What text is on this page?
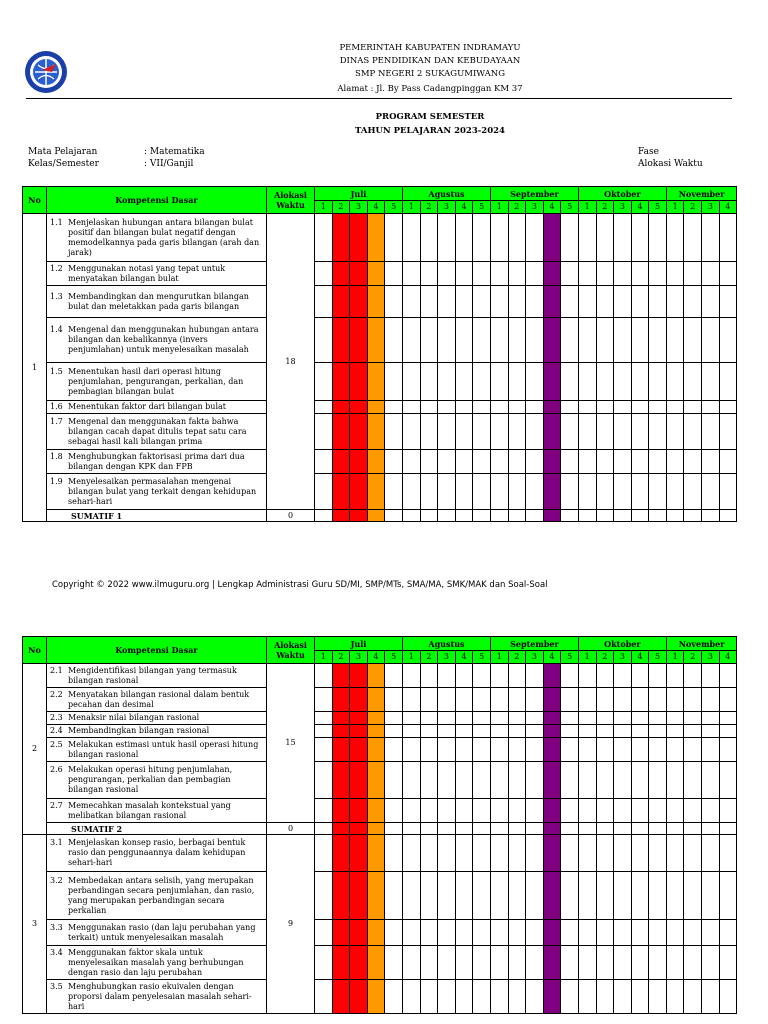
PEMERINTAH KABUPATEN INDRAMAYU
DINAS PENDIDIKAN DAN KEBUDAYAAN
SMP NEGERI 2 SUKAGUMIWANG
Alamat : Jl. By Pass Cadangpinggan KM 37
PROGRAM SEMESTER
TAHUN PELAJARAN 2023-2024
Mata Pelajaran	: Matematika
Kelas/Semester	: VII/Ganjil
Fase
Alokasi Waktu
No	Kompetensi Dasar	Alokasi Waktu	Juli					Agustus					September					Oktober					November			
			1	2	3	4	5	1	2	3	4	5	1	2	3	4	5	1	2	3	4	5	1	2	3	4
1	1.1 Menjelaskan hubungan antara bilangan bulat positif dan bilangan bulat negatif dengan memodelkannya pada garis bilangan (arah dan jarak)	18																								

	1.2 Menggunakan notasi yang tepat untuk menyatakan bilangan bulat																									

	1.3 Membandingkan dan mengurutkan bilangan bulat dan meletakkan pada garis bilangan																									

	1.4 Mengenal dan menggunakan hubungan antara bilangan dan kebalikannya (invers penjumlahan) untuk menyelesaikan masalah																									

	1.5 Menentukan hasil dari operasi hitung penjumlahan, pengurangan, perkalian, dan pembagian bilangan bulat																									

	1.6 Menentukan faktor dari bilangan bulat																									

	1.7 Mengenal dan menggunakan fakta bahwa bilangan cacah dapat ditulis tepat satu cara sebagai hasil kali bilangan prima																									

	1.8 Menghubungkan faktorisasi prima dari dua bilangan dengan KPK dan FPB																									

	1.9 Menyelesaikan permasalahan mengenai bilangan bulat yang terkait dengan kehidupan sehari-hari																									

	SUMATIF 1	0																								
Copyright © 2022 www.ilmuguru.org | Lengkap Administrasi Guru SD/MI, SMP/MTs, SMA/MA, SMK/MAK dan Soal-Soal
No	Kompetensi Dasar	Alokasi Waktu	Juli					Agustus					September					Oktober					November			
			1	2	3	4	5	1	2	3	4	5	1	2	3	4	5	1	2	3	4	5	1	2	3	4
2	2.1 Mengidentifikasi bilangan yang termasuk bilangan rasional	15																								

	2.2 Menyatakan bilangan rasional dalam bentuk pecahan dan desimal																									

	2.3 Menaksir nilai bilangan rasional																									

	2.4 Membandingkan bilangan rasional																									

	2.5 Melakukan estimasi untuk hasil operasi hitung bilangan rasional																									

	2.6 Melakukan operasi hitung penjumlahan, pengurangan, perkalian dan pembagian bilangan rasional																									

	2.7 Memecahkan masalah kontekstual yang melibatkan bilangan rasional																									

	SUMATIF 2	0																								
3	3.1 Menjelaskan konsep rasio, berbagai bentuk rasio dan penggunaannya dalam kehidupan sehari-hari	9																								

	3.2 Membedakan antara selisih, yang merupakan perbandingan secara penjumlahan, dan rasio, yang merupakan perbandingan secara perkalian																									

	3.3 Menggunakan rasio (dan laju perubahan yang terkait) untuk menyelesaikan masalah																									

	3.4 Menggunakan faktor skala untuk menyelesaikan masalah yang berhubungan dengan rasio dan laju perubahan																									

	3.5 Menghubungkan rasio ekuivalen dengan proporsi dalam penyelesaian masalah sehari-hari																									
